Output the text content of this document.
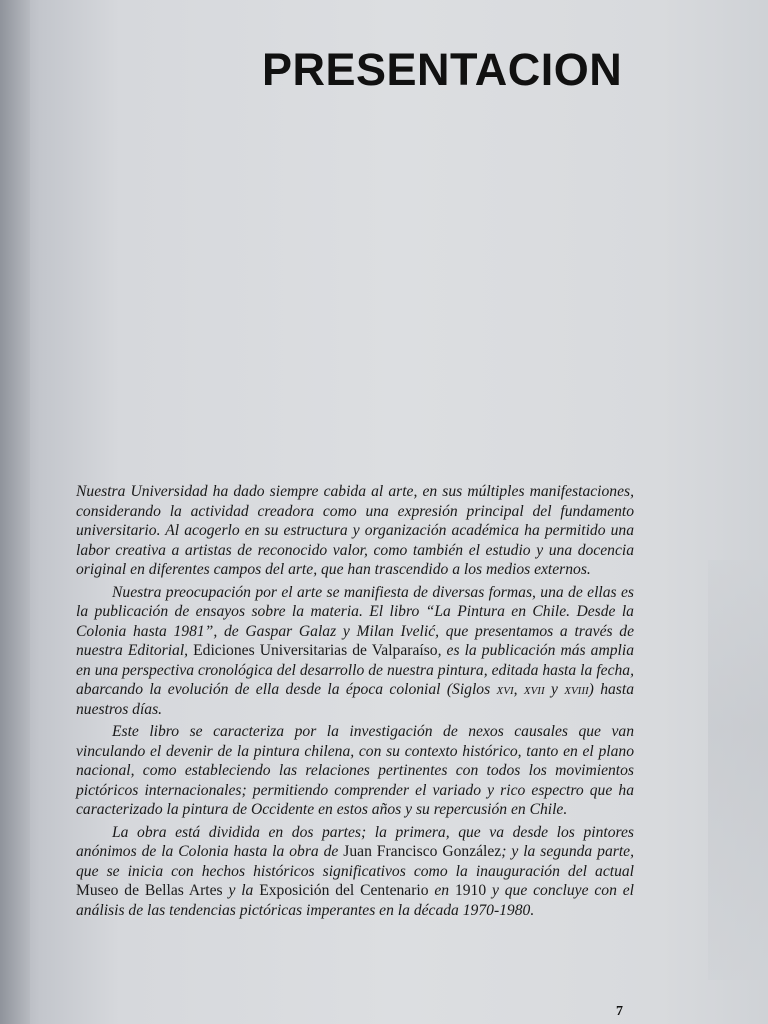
PRESENTACION

Nuestra Universidad ha dado siempre cabida al arte, en sus múltiples manifestaciones, considerando la actividad creadora como una expresión principal del fundamento universitario. Al acogerlo en su estructura y organización académica ha permitido una labor creativa a artistas de reconocido valor, como también el estudio y una docencia original en diferentes campos del arte, que han trascendido a los medios externos.

Nuestra preocupación por el arte se manifiesta de diversas formas, una de ellas es la publicación de ensayos sobre la materia. El libro “La Pintura en Chile. Desde la Colonia hasta 1981”, de Gaspar Galaz y Milan Ivelić, que presentamos a través de nuestra Editorial, Ediciones Universitarias de Valparaíso, es la publicación más amplia en una perspectiva cronológica del desarrollo de nuestra pintura, editada hasta la fecha, abarcando la evolución de ella desde la época colonial (Siglos xvi, xvii y xviii) hasta nuestros días.

Este libro se caracteriza por la investigación de nexos causales que van vinculando el devenir de la pintura chilena, con su contexto histórico, tanto en el plano nacional, como estableciendo las relaciones pertinentes con todos los movimientos pictóricos internacionales; permitiendo comprender el variado y rico espectro que ha caracterizado la pintura de Occidente en estos años y su repercusión en Chile.

La obra está dividida en dos partes; la primera, que va desde los pintores anónimos de la Colonia hasta la obra de Juan Francisco González; y la segunda parte, que se inicia con hechos históricos significativos como la inauguración del actual Museo de Bellas Artes y la Exposición del Centenario en 1910 y que concluye con el análisis de las tendencias pictóricas imperantes en la década 1970-1980.

7
